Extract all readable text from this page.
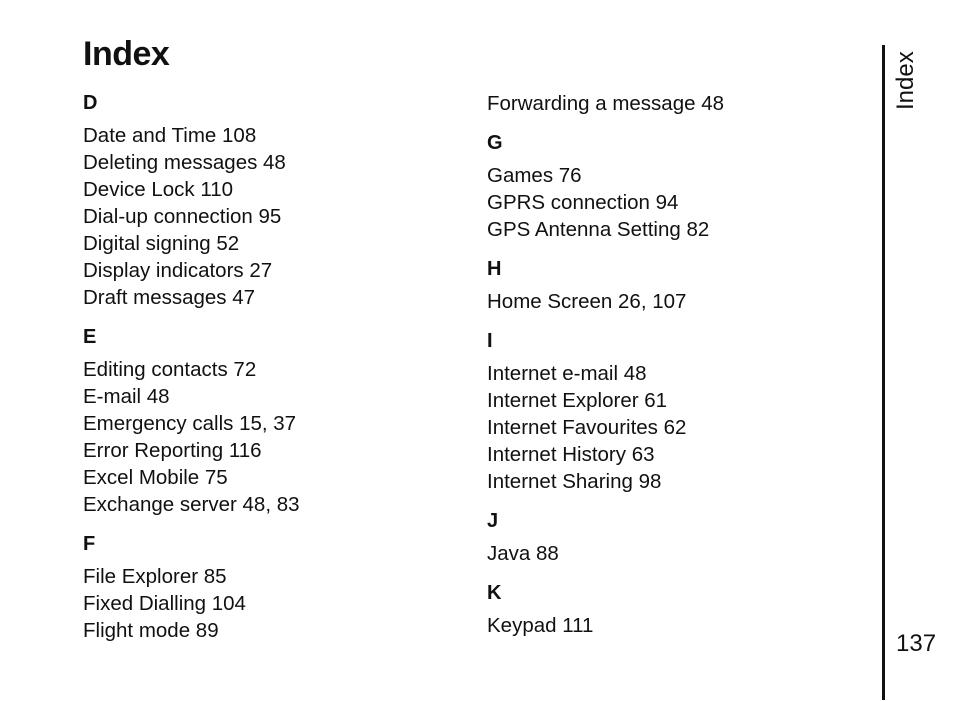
Index
D
Date and Time 108
Deleting messages 48
Device Lock 110
Dial-up connection 95
Digital signing 52
Display indicators 27
Draft messages 47
E
Editing contacts 72
E-mail 48
Emergency calls 15, 37
Error Reporting 116
Excel Mobile 75
Exchange server 48, 83
F
File Explorer 85
Fixed Dialling 104
Flight mode 89
Forwarding a message 48
G
Games 76
GPRS connection 94
GPS Antenna Setting 82
H
Home Screen 26, 107
I
Internet e-mail 48
Internet Explorer 61
Internet Favourites 62
Internet History 63
Internet Sharing 98
J
Java 88
K
Keypad 111
Index
137
